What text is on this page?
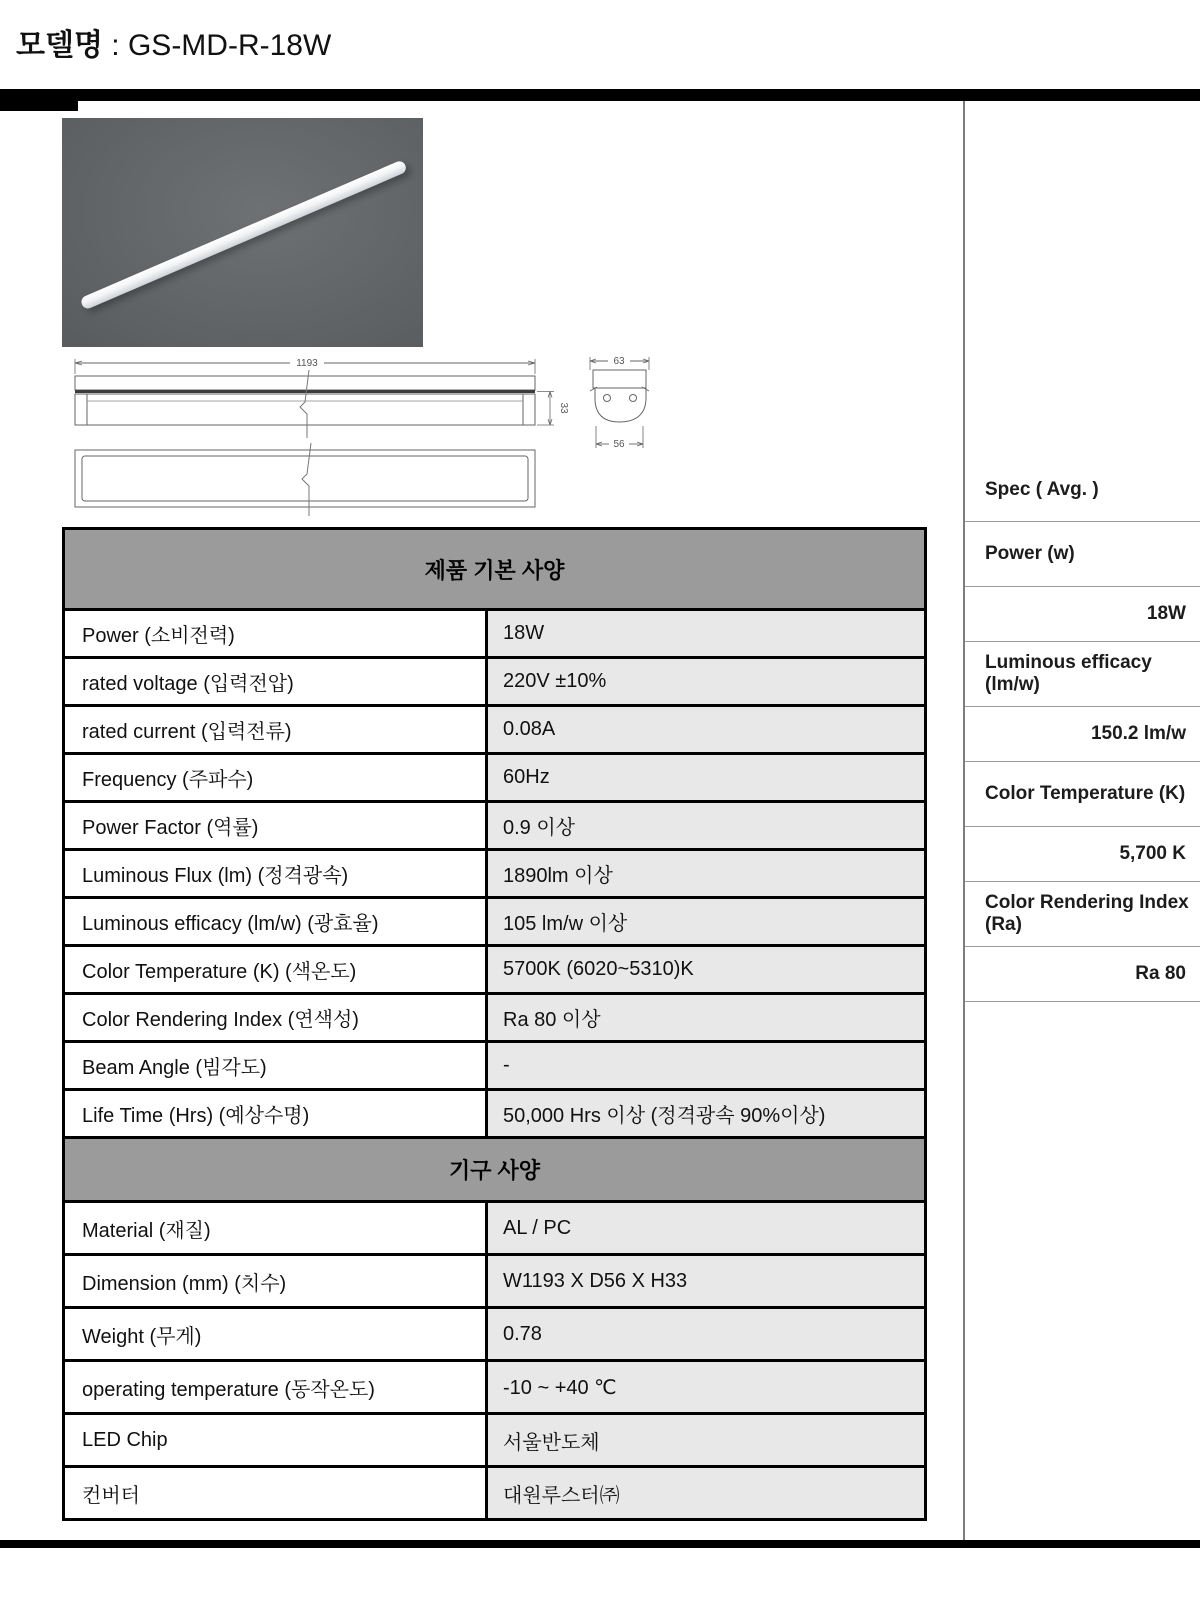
모델명 : GS-MD-R-18W
1193
33
63
56
제품 기본 사양
Power (소비전력)	18W
rated voltage (입력전압)	220V ±10%
rated current (입력전류)	0.08A
Frequency (주파수)	60Hz
Power Factor (역률)	0.9 이상
Luminous Flux (lm) (정격광속)	1890lm 이상
Luminous efficacy (lm/w) (광효율)	105 lm/w 이상
Color Temperature (K) (색온도)	5700K (6020~5310)K
Color Rendering Index (연색성)	Ra 80 이상
Beam Angle (빔각도)	-
Life Time (Hrs) (예상수명)	50,000 Hrs 이상 (정격광속 90%이상)
기구 사양
Material (재질)	AL / PC
Dimension (mm) (치수)	W1193 X D56 X H33
Weight (무게)	0.78
operating temperature (동작온도)	-10 ~ +40 ℃
LED Chip	서울반도체
컨버터	대원루스터㈜
Spec ( Avg. )
Power (w)
18W
Luminous efficacy (lm/w)
150.2 lm/w
Color Temperature (K)
5,700 K
Color Rendering Index (Ra)
Ra 80
